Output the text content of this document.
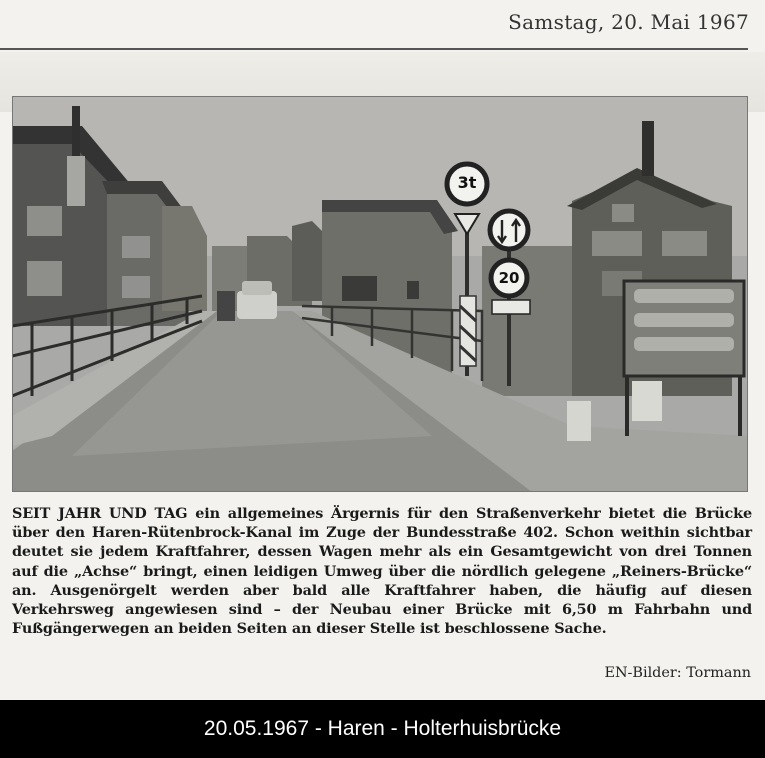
Samstag, 20. Mai 1967
3t
20
SEIT JAHR UND TAG ein allgemeines Ärgernis für den Straßenverkehr bietet die Brücke über den Haren-Rütenbrock-Kanal im Zuge der Bundesstraße 402. Schon weithin sichtbar deutet sie jedem Kraftfahrer, dessen Wagen mehr als ein Gesamtgewicht von drei Tonnen auf die „Achse“ bringt, einen leidigen Umweg über die nördlich gelegene „Reiners-Brücke“ an. Ausgenörgelt werden aber bald alle Kraftfahrer haben, die häufig auf diesen Verkehrsweg angewiesen sind – der Neubau einer Brücke mit 6,50 m Fahrbahn und Fußgängerwegen an beiden Seiten an dieser Stelle ist beschlossene Sache.
EN-Bilder: Tormann
20.05.1967 - Haren - Holterhuisbrücke
